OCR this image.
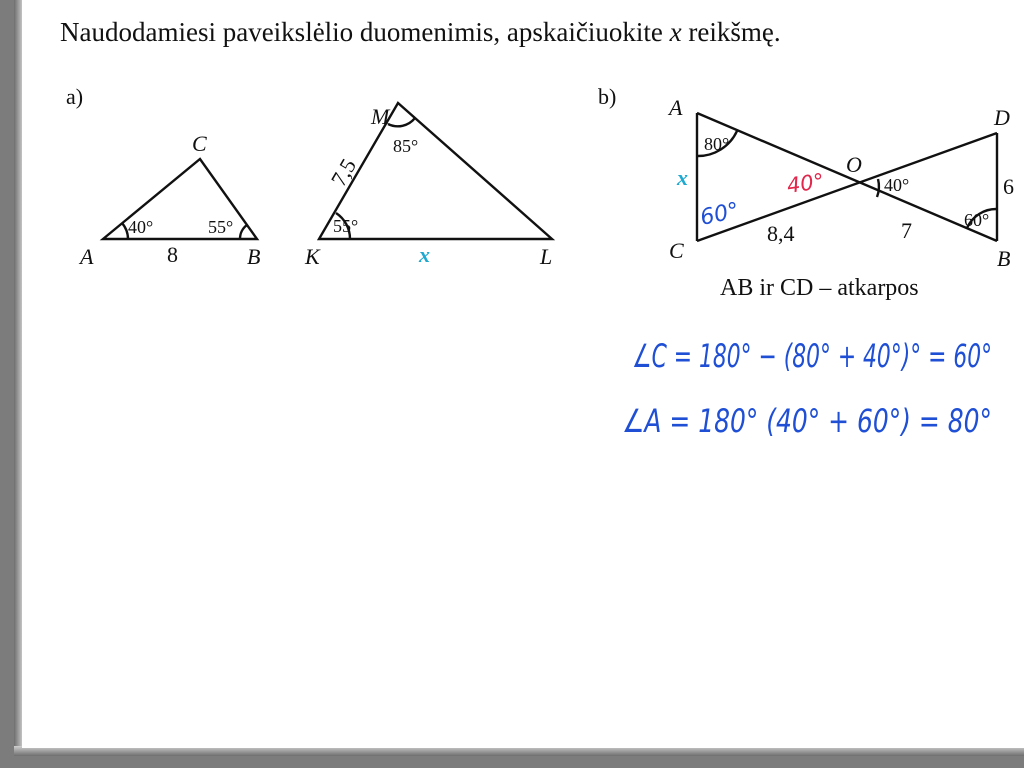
Naudodamiesi paveikslėlio duomenimis, apskaičiuokite x reikšmę.
a)
A	B
C
40°	55°
8	K	L
M
55°
85°
7,5
x
b) A
C
D
B
O
80°
40°
60°
8,4	7
6
x
60°
40°
AB ir CD – atkarpos
∠C = 180° − (80° + 40°)° = 60°
∠A = 180° (40° + 60°) = 80°
